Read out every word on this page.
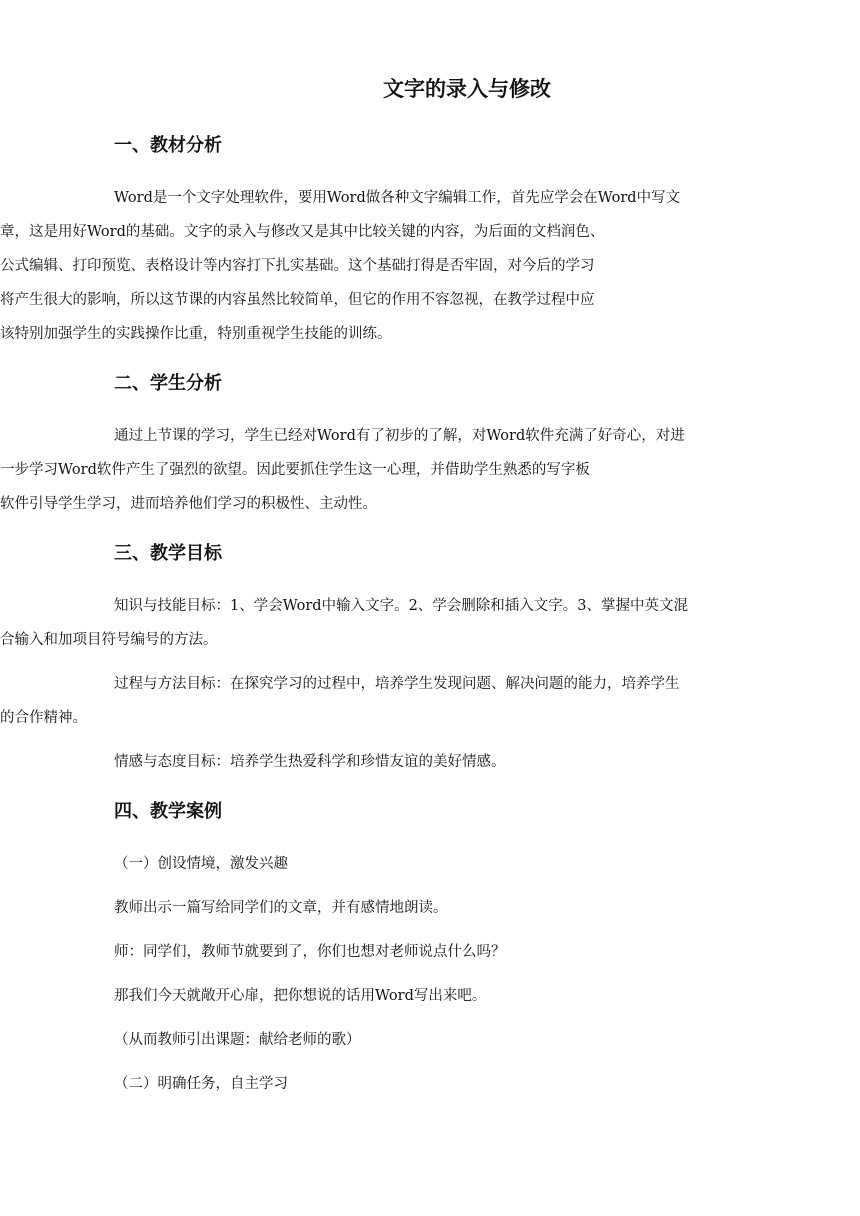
文字的录入与修改
一、教材分析
Word是一个文字处理软件，要用Word做各种文字编辑工作，首先应学会在Word中写文
章，这是用好Word的基础。文字的录入与修改又是其中比较关键的内容，为后面的文档润色、
公式编辑、打印预览、表格设计等内容打下扎实基础。这个基础打得是否牢固，对今后的学习
将产生很大的影响，所以这节课的内容虽然比较简单，但它的作用不容忽视，在教学过程中应
该特别加强学生的实践操作比重，特别重视学生技能的训练。
二、学生分析
通过上节课的学习，学生已经对Word有了初步的了解，对Word软件充满了好奇心，对进
一步学习Word软件产生了强烈的欲望。因此要抓住学生这一心理，并借助学生熟悉的写字板
软件引导学生学习，进而培养他们学习的积极性、主动性。
三、教学目标
知识与技能目标：1、学会Word中输入文字。2、学会删除和插入文字。3、掌握中英文混
合输入和加项目符号编号的方法。
过程与方法目标：在探究学习的过程中，培养学生发现问题、解决问题的能力，培养学生
的合作精神。
情感与态度目标：培养学生热爱科学和珍惜友谊的美好情感。
四、教学案例
（一）创设情境，激发兴趣
教师出示一篇写给同学们的文章，并有感情地朗读。
师：同学们，教师节就要到了，你们也想对老师说点什么吗？
那我们今天就敞开心扉，把你想说的话用Word写出来吧。
（从而教师引出课题：献给老师的歌）
（二）明确任务，自主学习
